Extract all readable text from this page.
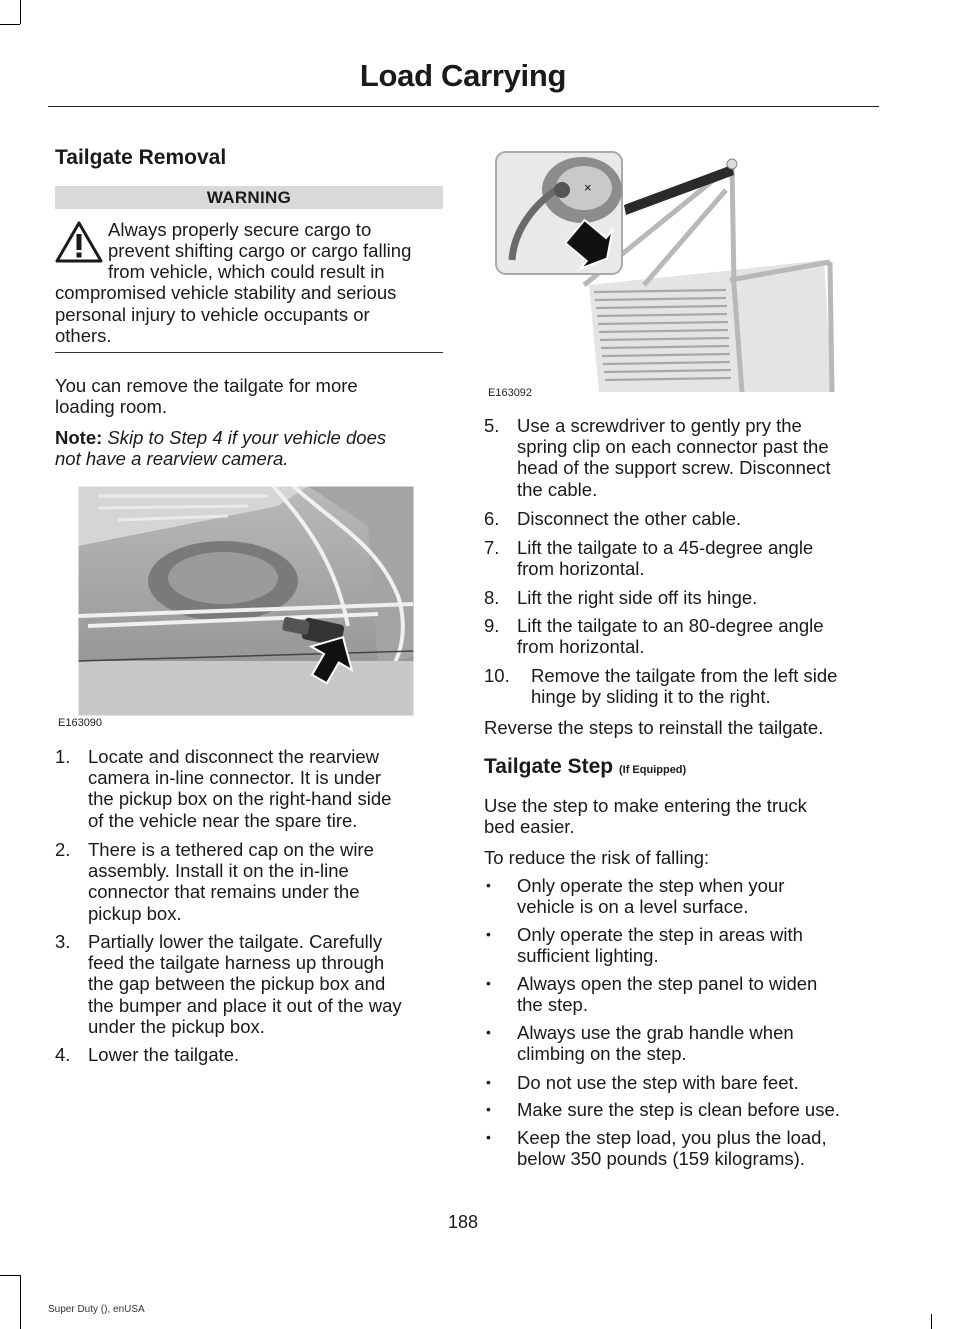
Load Carrying
Tailgate Removal
WARNING
Always properly secure cargo to
prevent shifting cargo or cargo falling
from vehicle, which could result in
compromised vehicle stability and serious
personal injury to vehicle occupants or
others.
You can remove the tailgate for more
loading room.
Note: Skip to Step 4 if your vehicle does
not have a rearview camera.
E163090
1. Locate and disconnect the rearview
camera in-line connector. It is under
the pickup box on the right-hand side
of the vehicle near the spare tire.
2. There is a tethered cap on the wire
assembly. Install it on the in-line
connector that remains under the
pickup box.
3. Partially lower the tailgate. Carefully
feed the tailgate harness up through
the gap between the pickup box and
the bumper and place it out of the way
under the pickup box.
4. Lower the tailgate.
×
E163092
5. Use a screwdriver to gently pry the
spring clip on each connector past the
head of the support screw. Disconnect
the cable.
6. Disconnect the other cable.
7. Lift the tailgate to a 45-degree angle
from horizontal.
8. Lift the right side off its hinge.
9. Lift the tailgate to an 80-degree angle
from horizontal.
10. Remove the tailgate from the left side
hinge by sliding it to the right.
Reverse the steps to reinstall the tailgate.
Tailgate Step (If Equipped)
Use the step to make entering the truck
bed easier.
To reduce the risk of falling:
• Only operate the step when your
vehicle is on a level surface.
• Only operate the step in areas with
sufficient lighting.
• Always open the step panel to widen
the step.
• Always use the grab handle when
climbing on the step.
• Do not use the step with bare feet.
• Make sure the step is clean before use.
• Keep the step load, you plus the load,
below 350 pounds (159 kilograms).
188
Super Duty (), enUSA
